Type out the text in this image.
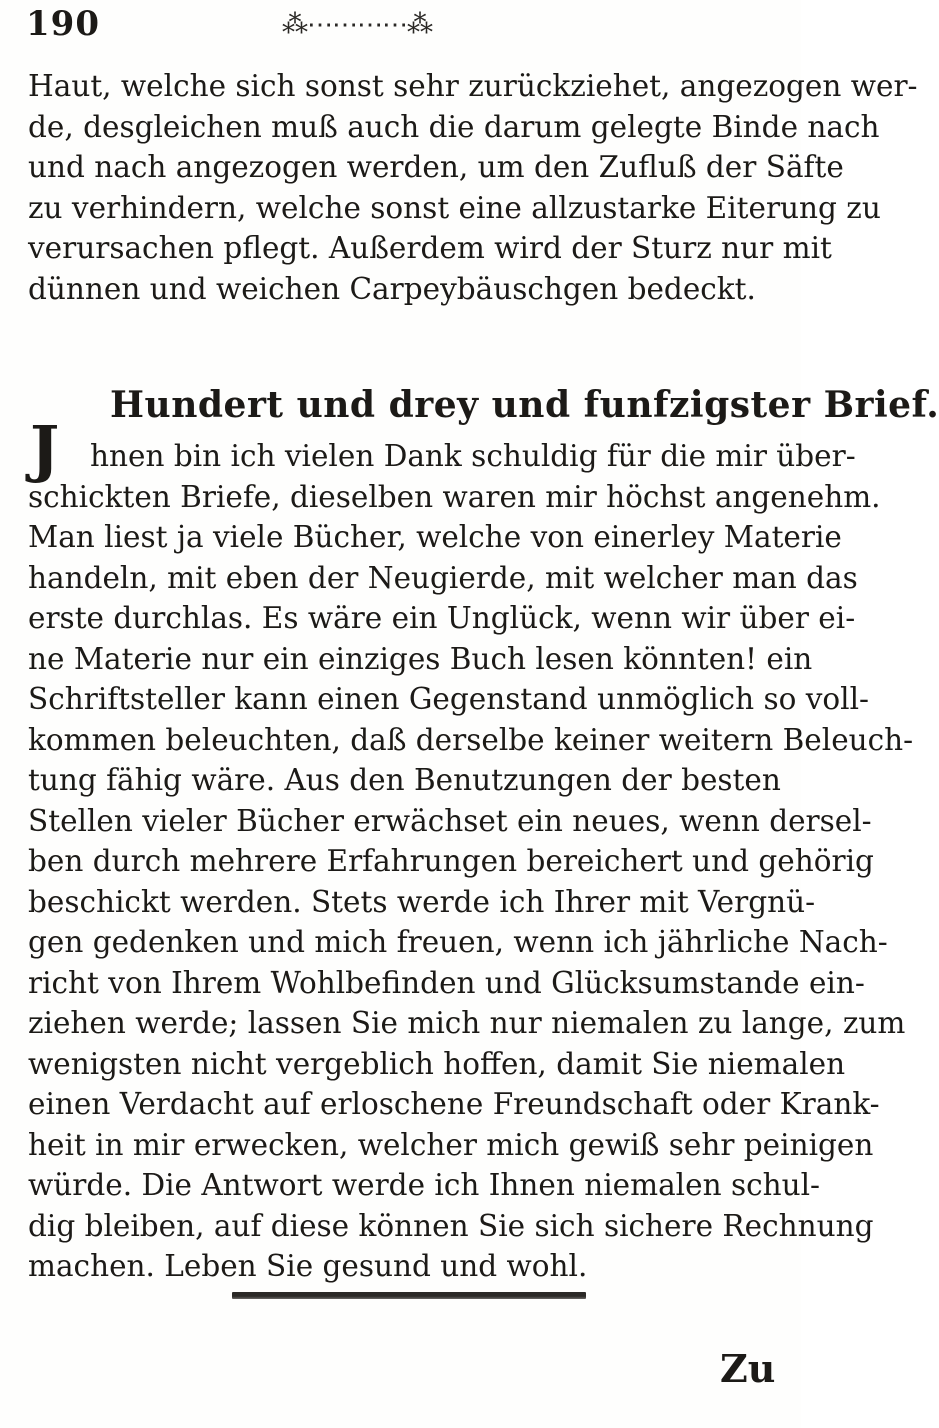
190	⁂⋯⋯⋯⋯⁂
Haut, welche sich sonst sehr zurückziehet, angezogen wer-
de, desgleichen muß auch die darum gelegte Binde nach
und nach angezogen werden, um den Zufluß der Säfte
zu verhindern, welche sonst eine allzustarke Eiterung zu
verursachen pflegt. Außerdem wird der Sturz nur mit
dünnen und weichen Carpeybäuschgen bedeckt.
Hundert und drey und funfzigster Brief.
J	hnen bin ich vielen Dank schuldig für die mir über-
schickten Briefe, dieselben waren mir höchst angenehm.
Man liest ja viele Bücher, welche von einerley Materie
handeln, mit eben der Neugierde, mit welcher man das
erste durchlas. Es wäre ein Unglück, wenn wir über ei-
ne Materie nur ein einziges Buch lesen könnten! ein
Schriftsteller kann einen Gegenstand unmöglich so voll-
kommen beleuchten, daß derselbe keiner weitern Beleuch-
tung fähig wäre. Aus den Benutzungen der besten
Stellen vieler Bücher erwächset ein neues, wenn dersel-
ben durch mehrere Erfahrungen bereichert und gehörig
beschickt werden. Stets werde ich Ihrer mit Vergnü-
gen gedenken und mich freuen, wenn ich jährliche Nach-
richt von Ihrem Wohlbefinden und Glücksumstande ein-
ziehen werde; lassen Sie mich nur niemalen zu lange, zum
wenigsten nicht vergeblich hoffen, damit Sie niemalen
einen Verdacht auf erloschene Freundschaft oder Krank-
heit in mir erwecken, welcher mich gewiß sehr peinigen
würde. Die Antwort werde ich Ihnen niemalen schul-
dig bleiben, auf diese können Sie sich sichere Rechnung
machen. Leben Sie gesund und wohl.
Zu
